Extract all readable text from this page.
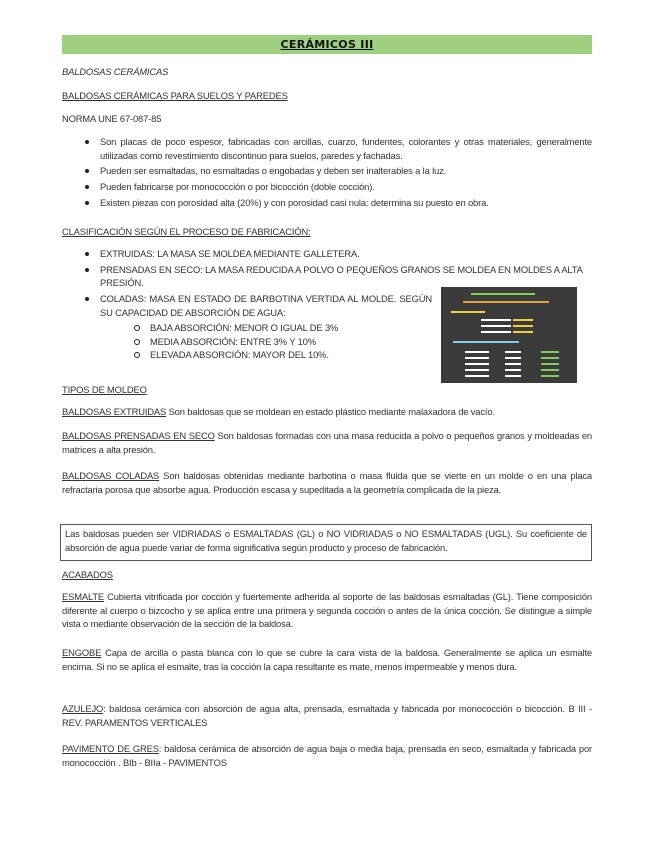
CERÁMICOS III
BALDOSAS CERÁMICAS
BALDOSAS CERÁMICAS PARA SUELOS Y PAREDES
NORMA UNE 67-087-85
Son placas de poco espesor, fabricadas con arcillas, cuarzo, fundentes, colorantes y otras materiales, generalmente utilizadas como revestimiento discontinuo para suelos, paredes y fachadas.
Pueden ser esmaltadas, no esmaltadas o engobadas y deben ser inalterables a la luz.
Pueden fabricarse por monococción o por bicocción (doble cocción).
Existen piezas con porosidad alta (20%) y con porosidad casi nula: determina su puesto en obra.
CLASIFICACIÓN SEGÚN EL PROCESO DE FABRICACIÓN:
EXTRUIDAS: LA MASA SE MOLDEA MEDIANTE GALLETERA.
PRENSADAS EN SECO: LA MASA REDUCIDA A POLVO O PEQUEÑOS GRANOS SE MOLDEA EN MOLDES A ALTA PRESIÓN.
COLADAS: MASA EN ESTADO DE BARBOTINA VERTIDA AL MOLDE. SEGÚN SU CAPACIDAD DE ABSORCIÓN DE AGUA:
BAJA ABSORCIÓN: MENOR O IGUAL DE 3%
MEDIA ABSORCIÓN: ENTRE 3% Y 10%
ELEVADA ABSORCIÓN: MAYOR DEL 10%.
TIPOS DE MOLDEO
BALDOSAS EXTRUIDAS Son baldosas que se moldean en estado plástico mediante malaxadora de vacío.
BALDOSAS PRENSADAS EN SECO Son baldosas formadas con una masa reducida a polvo o pequeños granos y moldeadas en matrices a alta presión.
BALDOSAS COLADAS Son baldosas obtenidas mediante barbotina o masa fluida que se vierte en un molde o en una placa refractaria porosa que absorbe agua. Producción escasa y supeditada a la geometría complicada de la pieza.
Las baldosas pueden ser VIDRIADAS o ESMALTADAS (GL) o NO VIDRIADAS o NO ESMALTADAS (UGL). Su coeficiente de absorción de agua puede variar de forma significativa según producto y proceso de fabricación.
ACABADOS
ESMALTE Cubierta vitrificada por cocción y fuertemente adherida al soporte de las baldosas esmaltadas (GL). Tiene composición diferente al cuerpo o bizcocho y se aplica entre una primera y segunda cocción o antes de la única cocción. Se distingue a simple vista o mediante observación de la sección de la baldosa.
ENGOBE Capa de arcilla o pasta blanca con lo que se cubre la cara vista de la baldosa. Generalmente se aplica un esmalte encima. Si no se aplica el esmalte, tras la cocción la capa resultante es mate, menos impermeable y menos dura.
AZULEJO: baldosa cerámica con absorción de agua alta, prensada, esmaltada y fabricada por monococción o bicocción. B III - REV. PARAMENTOS VERTICALES
PAVIMENTO DE GRES: baldosa cerámica de absorción de agua baja o media baja, prensada en seco, esmaltada y fabricada por monococción . BIb - BIIa - PAVIMENTOS
